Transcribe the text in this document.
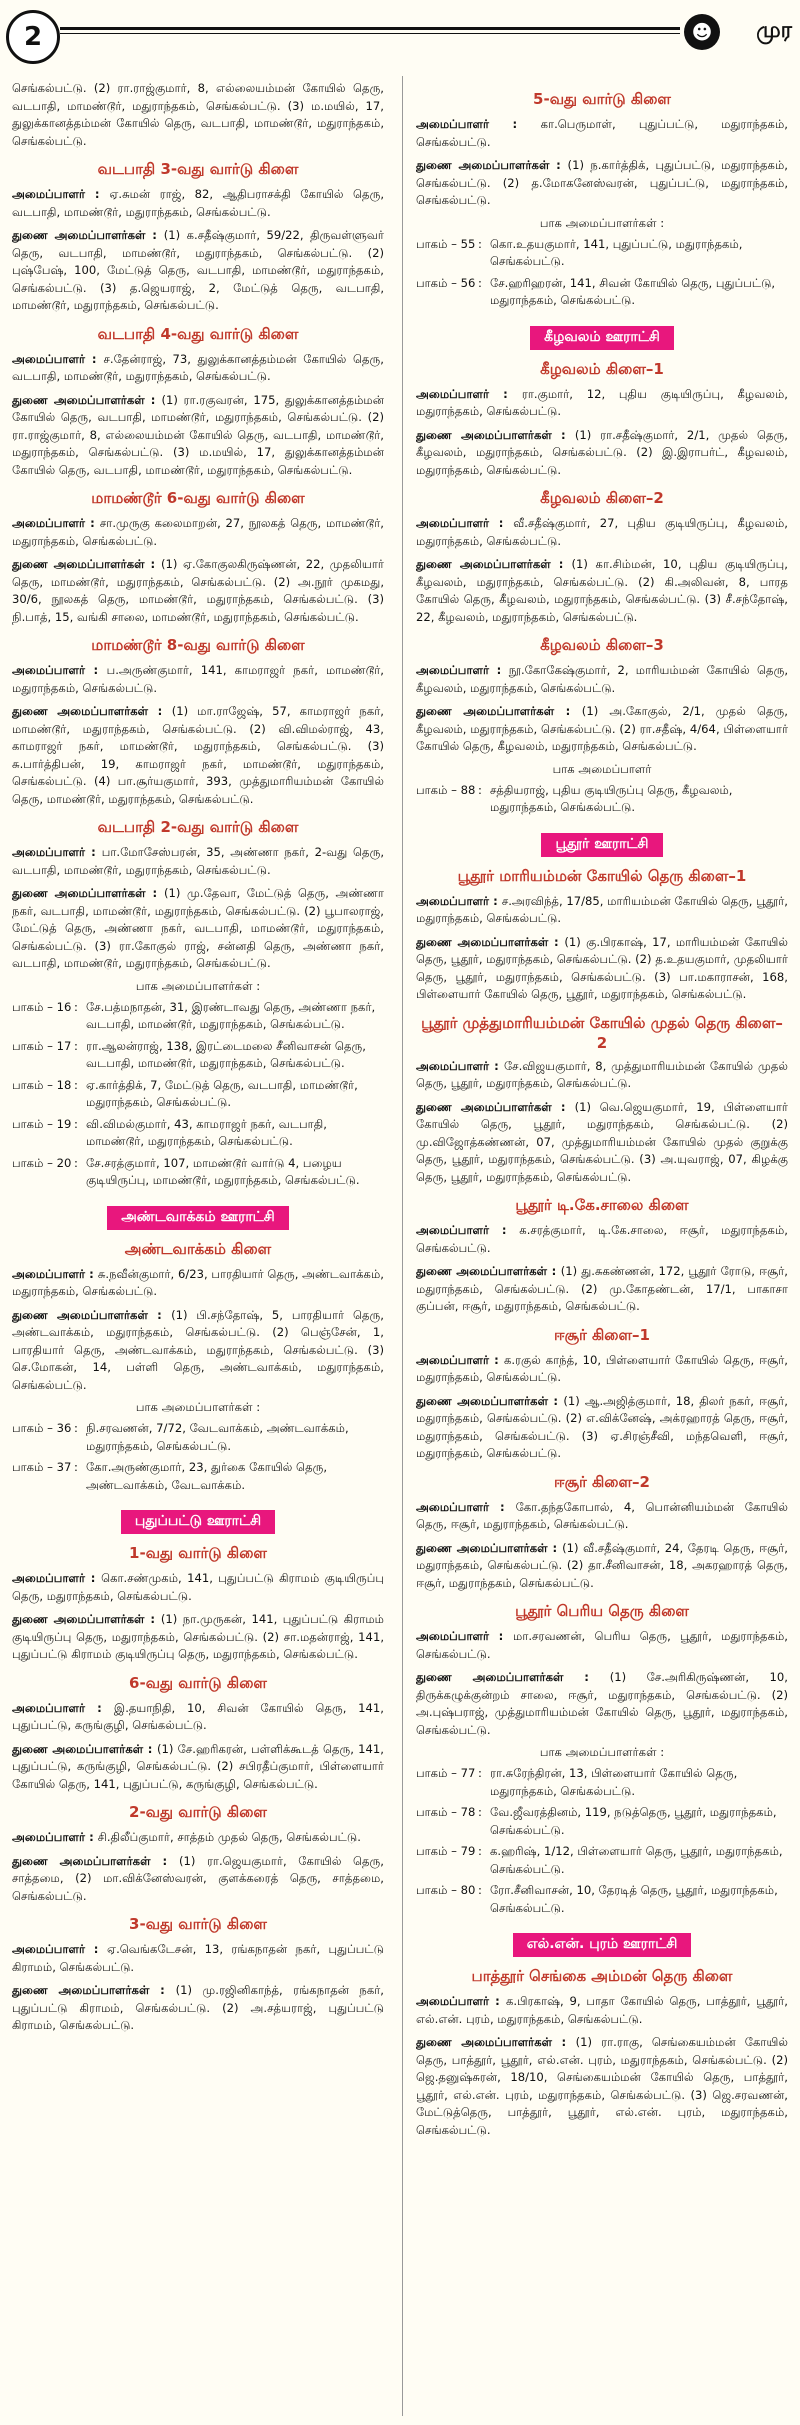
2	☻	முர

செங்கல்பட்டு. (2) ரா.ராஜ்குமார், 8, எல்லையம்மன் கோயில் தெரு, வடபாதி, மாமண்டூர், மதுராந்தகம், செங்கல்பட்டு. (3) ம.மயில், 17, துலுக்கானத்தம்மன் கோயில் தெரு, வடபாதி, மாமண்டூர், மதுராந்தகம், செங்கல்பட்டு.

வடபாதி 3-வது வார்டு கிளை

அமைப்பாளர் : ஏ.சுமன் ராஜ், 82, ஆதிபராசக்தி கோயில் தெரு, வடபாதி, மாமண்டூர், மதுராந்தகம், செங்கல்பட்டு.

துணை அமைப்பாளர்கள் : (1) க.சதீஷ்குமார், 59/22, திருவள்ளுவர் தெரு, வடபாதி, மாமண்டூர், மதுராந்தகம், செங்கல்பட்டு. (2) புஷ்பேஷ், 100, மேட்டுத் தெரு, வடபாதி, மாமண்டூர், மதுராந்தகம், செங்கல்பட்டு. (3) த.ஜெயராஜ், 2, மேட்டுத் தெரு, வடபாதி, மாமண்டூர், மதுராந்தகம், செங்கல்பட்டு.

வடபாதி 4-வது வார்டு கிளை

அமைப்பாளர் : ச.தேன்ராஜ், 73, துலுக்கானத்தம்மன் கோயில் தெரு, வடபாதி, மாமண்டூர், மதுராந்தகம், செங்கல்பட்டு.

துணை அமைப்பாளர்கள் : (1) ரா.ரகுவரன், 175, துலுக்கானத்தம்மன் கோயில் தெரு, வடபாதி, மாமண்டூர், மதுராந்தகம், செங்கல்பட்டு. (2) ரா.ராஜ்குமார், 8, எல்லையம்மன் கோயில் தெரு, வடபாதி, மாமண்டூர், மதுராந்தகம், செங்கல்பட்டு. (3) ம.மயில், 17, துலுக்கானத்தம்மன் கோயில் தெரு, வடபாதி, மாமண்டூர், மதுராந்தகம், செங்கல்பட்டு.

மாமண்டூர் 6-வது வார்டு கிளை

அமைப்பாளர் : சா.முருகு கலைமாறன், 27, நூலகத் தெரு, மாமண்டூர், மதுராந்தகம், செங்கல்பட்டு.

துணை அமைப்பாளர்கள் : (1) ஏ.கோகுலகிருஷ்ணன், 22, முதலியார் தெரு, மாமண்டூர், மதுராந்தகம், செங்கல்பட்டு. (2) அ.நூர் முகமது, 30/6, நூலகத் தெரு, மாமண்டூர், மதுராந்தகம், செங்கல்பட்டு. (3) நி.பாத், 15, வங்கி சாலை, மாமண்டூர், மதுராந்தகம், செங்கல்பட்டு.

மாமண்டூர் 8-வது வார்டு கிளை

அமைப்பாளர் : ப.அருண்குமார், 141, காமராஜர் நகர், மாமண்டூர், மதுராந்தகம், செங்கல்பட்டு.

துணை அமைப்பாளர்கள் : (1) மா.ராஜேஷ், 57, காமராஜர் நகர், மாமண்டூர், மதுராந்தகம், செங்கல்பட்டு. (2) வி.விமல்ராஜ், 43, காமராஜர் நகர், மாமண்டூர், மதுராந்தகம், செங்கல்பட்டு. (3) சு.பார்த்திபன், 19, காமராஜர் நகர், மாமண்டூர், மதுராந்தகம், செங்கல்பட்டு. (4) பா.சூர்யகுமார், 393, முத்துமாரியம்மன் கோயில் தெரு, மாமண்டூர், மதுராந்தகம், செங்கல்பட்டு.

வடபாதி 2-வது வார்டு கிளை

அமைப்பாளர் : பா.மோசேஸ்பரன், 35, அண்ணா நகர், 2-வது தெரு, வடபாதி, மாமண்டூர், மதுராந்தகம், செங்கல்பட்டு.

துணை அமைப்பாளர்கள் : (1) மு.தேவா, மேட்டுத் தெரு, அண்ணா நகர், வடபாதி, மாமண்டூர், மதுராந்தகம், செங்கல்பட்டு. (2) பூபாலராஜ், மேட்டுத் தெரு, அண்ணா நகர், வடபாதி, மாமண்டூர், மதுராந்தகம், செங்கல்பட்டு. (3) ரா.கோகுல் ராஜ், சன்னதி தெரு, அண்ணா நகர், வடபாதி, மாமண்டூர், மதுராந்தகம், செங்கல்பட்டு.

பாக அமைப்பாளர்கள் :
பாகம் – 16	:	சே.பத்மநாதன், 31, இரண்டாவது தெரு, அண்ணா நகர், வடபாதி, மாமண்டூர், மதுராந்தகம், செங்கல்பட்டு.
பாகம் – 17	:	ரா.ஆலன்ராஜ், 138, இரட்டைமலை சீனிவாசன் தெரு, வடபாதி, மாமண்டூர், மதுராந்தகம், செங்கல்பட்டு.
பாகம் – 18	:	ஏ.கார்த்திக், 7, மேட்டுத் தெரு, வடபாதி, மாமண்டூர், மதுராந்தகம், செங்கல்பட்டு.
பாகம் – 19	:	வி.விமல்குமார், 43, காமராஜர் நகர், வடபாதி, மாமண்டூர், மதுராந்தகம், செங்கல்பட்டு.
பாகம் – 20	:	சே.சரத்குமார், 107, மாமண்டூர் வார்டு 4, பழைய குடியிருப்பு, மாமண்டூர், மதுராந்தகம், செங்கல்பட்டு.
அண்டவாக்கம் ஊராட்சி
அண்டவாக்கம் கிளை

அமைப்பாளர் : சு.நவீன்குமார், 6/23, பாரதியார் தெரு, அண்டவாக்கம், மதுராந்தகம், செங்கல்பட்டு.

துணை அமைப்பாளர்கள் : (1) பி.சந்தோஷ், 5, பாரதியார் தெரு, அண்டவாக்கம், மதுராந்தகம், செங்கல்பட்டு. (2) பெஞ்சேன், 1, பாரதியார் தெரு, அண்டவாக்கம், மதுராந்தகம், செங்கல்பட்டு. (3) செ.மோகன், 14, பள்ளி தெரு, அண்டவாக்கம், மதுராந்தகம், செங்கல்பட்டு.

பாக அமைப்பாளர்கள் :
பாகம் – 36	:	நி.சரவணன், 7/72, வேடவாக்கம், அண்டவாக்கம், மதுராந்தகம், செங்கல்பட்டு.
பாகம் – 37	:	கோ.அருண்குமார், 23, துர்கை கோயில் தெரு, அண்டவாக்கம், வேடவாக்கம்.
புதுப்பட்டு ஊராட்சி
1-வது வார்டு கிளை

அமைப்பாளர் : கொ.சண்முகம், 141, புதுப்பட்டு கிராமம் குடியிருப்பு தெரு, மதுராந்தகம், செங்கல்பட்டு.

துணை அமைப்பாளர்கள் : (1) நா.முருகன், 141, புதுப்பட்டு கிராமம் குடியிருப்பு தெரு, மதுராந்தகம், செங்கல்பட்டு. (2) சா.மதன்ராஜ், 141, புதுப்பட்டு கிராமம் குடியிருப்பு தெரு, மதுராந்தகம், செங்கல்பட்டு.

6-வது வார்டு கிளை

அமைப்பாளர் : இ.தயாநிதி, 10, சிவன் கோயில் தெரு, 141, புதுப்பட்டு, கருங்குழி, செங்கல்பட்டு.

துணை அமைப்பாளர்கள் : (1) சே.ஹரிகரன், பள்ளிக்கூடத் தெரு, 141, புதுப்பட்டு, கருங்குழி, செங்கல்பட்டு. (2) சபிரதீப்குமார், பிள்ளையார் கோயில் தெரு, 141, புதுப்பட்டு, கருங்குழி, செங்கல்பட்டு.

2-வது வார்டு கிளை

அமைப்பாளர் : சி.திலீப்குமார், சாத்தம் முதல் தெரு, செங்கல்பட்டு.

துணை அமைப்பாளர்கள் : (1) ரா.ஜெயகுமார், கோயில் தெரு, சாத்தமை, (2) மா.விக்னேஸ்வரன், குளக்கரைத் தெரு, சாத்தமை, செங்கல்பட்டு.

3-வது வார்டு கிளை

அமைப்பாளர் : ஏ.வெங்கடேசன், 13, ரங்கநாதன் நகர், புதுப்பட்டு கிராமம், செங்கல்பட்டு.

துணை அமைப்பாளர்கள் : (1) மு.ரஜினிகாந்த், ரங்கநாதன் நகர், புதுப்பட்டு கிராமம், செங்கல்பட்டு. (2) அ.சத்யராஜ், புதுப்பட்டு கிராமம், செங்கல்பட்டு.

5-வது வார்டு கிளை

அமைப்பாளர் : கா.பெருமாள், புதுப்பட்டு, மதுராந்தகம், செங்கல்பட்டு.

துணை அமைப்பாளர்கள் : (1) ந.கார்த்திக், புதுப்பட்டு, மதுராந்தகம், செங்கல்பட்டு. (2) த.மோகனேஸ்வரன், புதுப்பட்டு, மதுராந்தகம், செங்கல்பட்டு.

பாக அமைப்பாளர்கள் :
பாகம் – 55	:	கொ.உதயகுமார், 141, புதுப்பட்டு, மதுராந்தகம், செங்கல்பட்டு.
பாகம் – 56	:	சே.ஹரிஹரன், 141, சிவன் கோயில் தெரு, புதுப்பட்டு, மதுராந்தகம், செங்கல்பட்டு.
கீழவலம் ஊராட்சி
கீழவலம் கிளை–1

அமைப்பாளர் : ரா.குமார், 12, புதிய குடியிருப்பு, கீழவலம், மதுராந்தகம், செங்கல்பட்டு.

துணை அமைப்பாளர்கள் : (1) ரா.சதீஷ்குமார், 2/1, முதல் தெரு, கீழவலம், மதுராந்தகம், செங்கல்பட்டு. (2) இ.இராபர்ட், கீழவலம், மதுராந்தகம், செங்கல்பட்டு.

கீழவலம் கிளை–2

அமைப்பாளர் : வீ.சதீஷ்குமார், 27, புதிய குடியிருப்பு, கீழவலம், மதுராந்தகம், செங்கல்பட்டு.

துணை அமைப்பாளர்கள் : (1) கா.சிம்மன், 10, புதிய குடியிருப்பு, கீழவலம், மதுராந்தகம், செங்கல்பட்டு. (2) கி.அலிவன், 8, பாரத கோயில் தெரு, கீழவலம், மதுராந்தகம், செங்கல்பட்டு. (3) சீ.சந்தோஷ், 22, கீழவலம், மதுராந்தகம், செங்கல்பட்டு.

கீழவலம் கிளை–3

அமைப்பாளர் : நூ.கோகேஷ்குமார், 2, மாரியம்மன் கோயில் தெரு, கீழவலம், மதுராந்தகம், செங்கல்பட்டு.

துணை அமைப்பாளர்கள் : (1) அ.கோகுல், 2/1, முதல் தெரு, கீழவலம், மதுராந்தகம், செங்கல்பட்டு. (2) ரா.சதீஷ், 4/64, பிள்ளையார் கோயில் தெரு, கீழவலம், மதுராந்தகம், செங்கல்பட்டு.

பாக அமைப்பாளர்
பாகம் – 88	:	சத்தியராஜ், புதிய குடியிருப்பு தெரு, கீழவலம், மதுராந்தகம், செங்கல்பட்டு.
பூதூர் ஊராட்சி
பூதூர் மாரியம்மன் கோயில் தெரு கிளை–1

அமைப்பாளர் : ச.அரவிந்த், 17/85, மாரியம்மன் கோயில் தெரு, பூதூர், மதுராந்தகம், செங்கல்பட்டு.

துணை அமைப்பாளர்கள் : (1) கு.பிரகாஷ், 17, மாரியம்மன் கோயில் தெரு, பூதூர், மதுராந்தகம், செங்கல்பட்டு. (2) த.உதயகுமார், முதலியார் தெரு, பூதூர், மதுராந்தகம், செங்கல்பட்டு. (3) பா.மகாராசன், 168, பிள்ளையார் கோயில் தெரு, பூதூர், மதுராந்தகம், செங்கல்பட்டு.

பூதூர் முத்துமாரியம்மன் கோயில் முதல் தெரு கிளை–2

அமைப்பாளர் : சே.விஜயகுமார், 8, முத்துமாரியம்மன் கோயில் முதல் தெரு, பூதூர், மதுராந்தகம், செங்கல்பட்டு.

துணை அமைப்பாளர்கள் : (1) வெ.ஜெயகுமார், 19, பிள்ளையார் கோயில் தெரு, பூதூர், மதுராந்தகம், செங்கல்பட்டு. (2) மு.விஜோத்கண்ணன், 07, முத்துமாரியம்மன் கோயில் முதல் குறுக்கு தெரு, பூதூர், மதுராந்தகம், செங்கல்பட்டு. (3) அ.யுவராஜ், 07, கிழக்கு தெரு, பூதூர், மதுராந்தகம், செங்கல்பட்டு.

பூதூர் டி.கே.சாலை கிளை

அமைப்பாளர் : க.சரத்குமார், டி.கே.சாலை, ஈசூர், மதுராந்தகம், செங்கல்பட்டு.

துணை அமைப்பாளர்கள் : (1) து.சுகண்ணன், 172, பூதூர் ரோடு, ஈசூர், மதுராந்தகம், செங்கல்பட்டு. (2) மு.கோதண்டன், 17/1, பாகாசா குப்பன், ஈசூர், மதுராந்தகம், செங்கல்பட்டு.

ஈசூர் கிளை–1

அமைப்பாளர் : க.ரகுல் காந்த், 10, பிள்ளையார் கோயில் தெரு, ஈசூர், மதுராந்தகம், செங்கல்பட்டு.

துணை அமைப்பாளர்கள் : (1) ஆ.அஜித்குமார், 18, திலர் நகர், ஈசூர், மதுராந்தகம், செங்கல்பட்டு. (2) எ.விக்னேஷ், அக்ரஹாரத் தெரு, ஈசூர், மதுராந்தகம், செங்கல்பட்டு. (3) ஏ.சிரஞ்சீவி, மந்தவெளி, ஈசூர், மதுராந்தகம், செங்கல்பட்டு.

ஈசூர் கிளை–2

அமைப்பாளர் : கோ.தந்தகோபால், 4, பொன்னியம்மன் கோயில் தெரு, ஈசூர், மதுராந்தகம், செங்கல்பட்டு.

துணை அமைப்பாளர்கள் : (1) வீ.சதீஷ்குமார், 24, தேரடி தெரு, ஈசூர், மதுராந்தகம், செங்கல்பட்டு. (2) தா.சீனிவாசன், 18, அகரஹாரத் தெரு, ஈசூர், மதுராந்தகம், செங்கல்பட்டு.

பூதூர் பெரிய தெரு கிளை

அமைப்பாளர் : மா.சரவணன், பெரிய தெரு, பூதூர், மதுராந்தகம், செங்கல்பட்டு.

துணை அமைப்பாளர்கள் : (1) சே.அரிகிருஷ்ணன், 10, திருக்கழுக்குன்றம் சாலை, ஈசூர், மதுராந்தகம், செங்கல்பட்டு. (2) அ.புஷ்பராஜ், முத்துமாரியம்மன் கோயில் தெரு, பூதூர், மதுராந்தகம், செங்கல்பட்டு.

பாக அமைப்பாளர்கள் :
பாகம் – 77	:	ரா.சுரேந்திரன், 13, பிள்ளையார் கோயில் தெரு, மதுராந்தகம், செங்கல்பட்டு.
பாகம் – 78	:	வே.ஜீவரத்தினம், 119, நடுத்தெரு, பூதூர், மதுராந்தகம், செங்கல்பட்டு.
பாகம் – 79	:	க.ஹரிஷ், 1/12, பிள்ளையார் தெரு, பூதூர், மதுராந்தகம், செங்கல்பட்டு.
பாகம் – 80	:	ரோ.சீனிவாசன், 10, தேரடித் தெரு, பூதூர், மதுராந்தகம், செங்கல்பட்டு.
எல்.என். புரம் ஊராட்சி
பாத்தூர் செங்கை அம்மன் தெரு கிளை

அமைப்பாளர் : க.பிரகாஷ், 9, பாதா கோயில் தெரு, பாத்தூர், பூதூர், எல்.என். புரம், மதுராந்தகம், செங்கல்பட்டு.

துணை அமைப்பாளர்கள் : (1) ரா.ராகு, செங்கையம்மன் கோயில் தெரு, பாத்தூர், பூதூர், எல்.என். புரம், மதுராந்தகம், செங்கல்பட்டு. (2) ஜெ.தனுஷ்சுரன், 18/10, செங்கையம்மன் கோயில் தெரு, பாத்தூர், பூதூர், எல்.என். புரம், மதுராந்தகம், செங்கல்பட்டு. (3) ஜெ.சரவணன், மேட்டுத்தெரு, பாத்தூர், பூதூர், எல்.என். புரம், மதுராந்தகம், செங்கல்பட்டு.
